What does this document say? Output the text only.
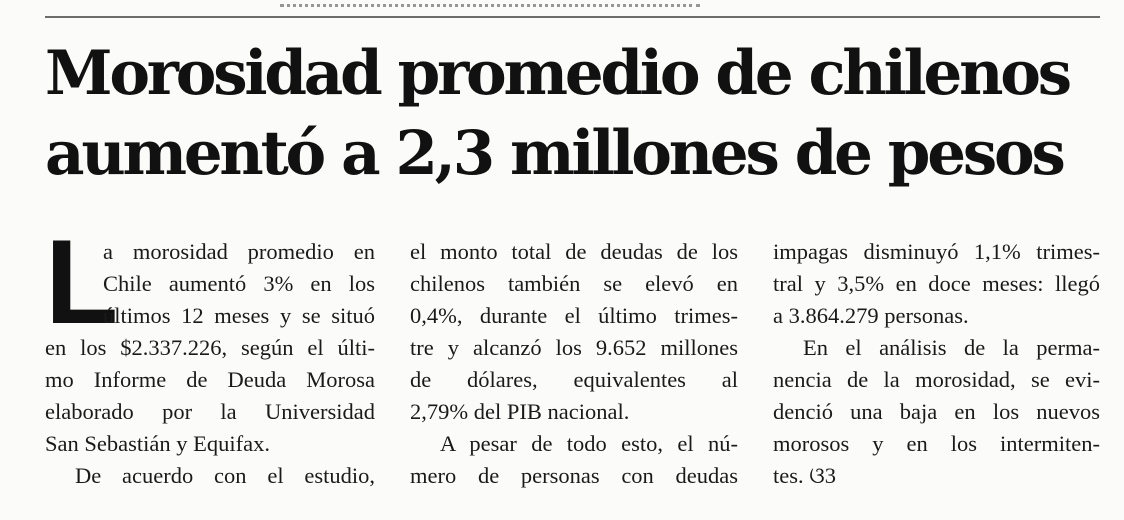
Morosidad promedio de chilenos
aumentó a 2,3 millones de pesos
L
a morosidad promedio en
Chile aumentó 3% en los
últimos 12 meses y se situó
en los $2.337.226, según el últi-
mo Informe de Deuda Morosa
elaborado por la Universidad
San Sebastián y Equifax.
De acuerdo con el estudio,
el monto total de deudas de los
chilenos también se elevó en
0,4%, durante el último trimes-
tre y alcanzó los 9.652 millones
de dólares, equivalentes al
2,79% del PIB nacional.
A pesar de todo esto, el nú-
mero de personas con deudas
impagas disminuyó 1,1% trimes-
tral y 3,5% en doce meses: llegó
a 3.864.279 personas.
En el análisis de la perma-
nencia de la morosidad, se evi-
denció una baja en los nuevos
morosos y en los intermiten-
tes. ଓ3
